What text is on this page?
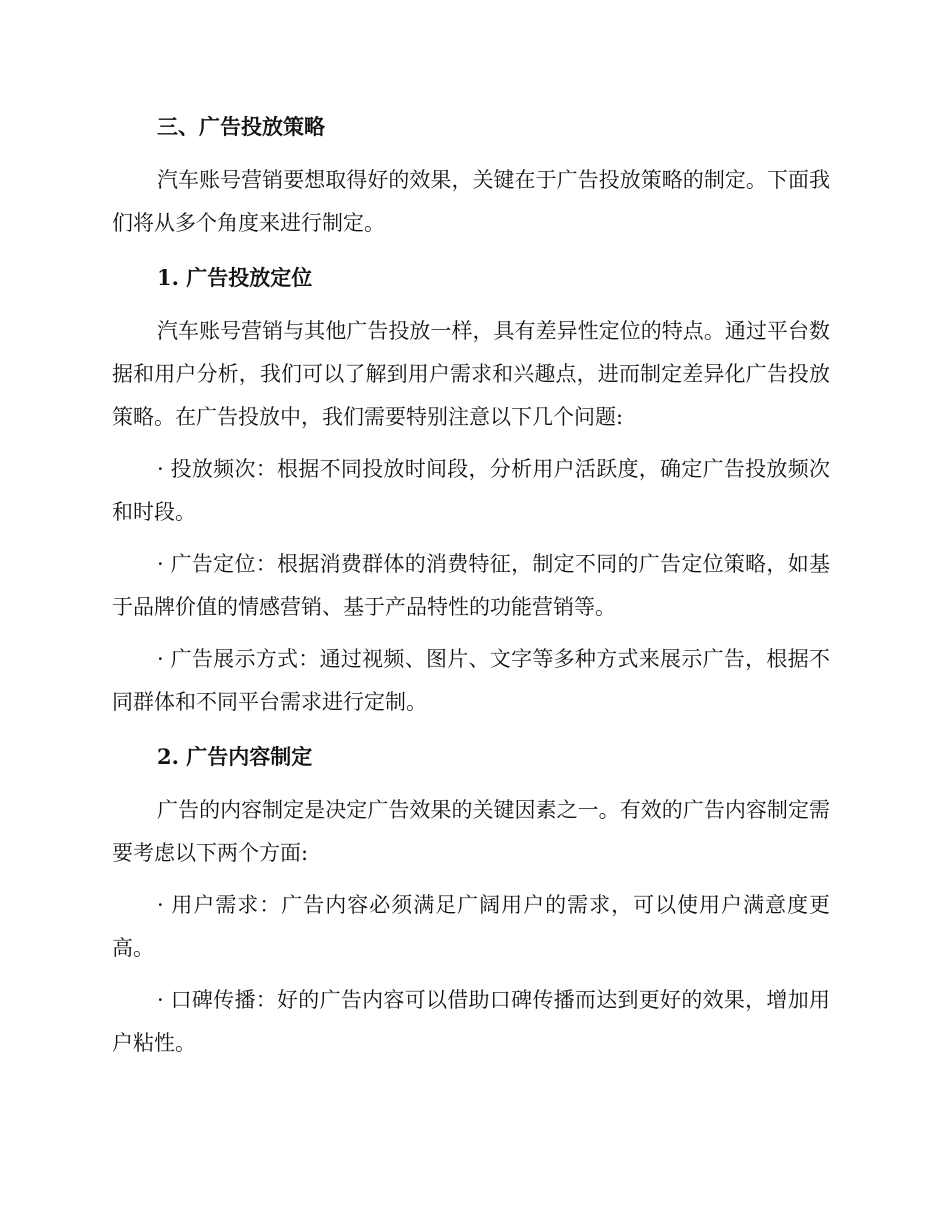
三、广告投放策略

汽车账号营销要想取得好的效果，关键在于广告投放策略的制定。下面我们将从多个角度来进行制定。

1. 广告投放定位

汽车账号营销与其他广告投放一样，具有差异性定位的特点。通过平台数据和用户分析，我们可以了解到用户需求和兴趣点，进而制定差异化广告投放策略。在广告投放中，我们需要特别注意以下几个问题:

· 投放频次：根据不同投放时间段，分析用户活跃度，确定广告投放频次和时段。

· 广告定位：根据消费群体的消费特征，制定不同的广告定位策略，如基于品牌价值的情感营销、基于产品特性的功能营销等。

· 广告展示方式：通过视频、图片、文字等多种方式来展示广告，根据不同群体和不同平台需求进行定制。

2. 广告内容制定

广告的内容制定是决定广告效果的关键因素之一。有效的广告内容制定需要考虑以下两个方面:

· 用户需求：广告内容必须满足广阔用户的需求，可以使用户满意度更高。

· 口碑传播：好的广告内容可以借助口碑传播而达到更好的效果，增加用户粘性。
